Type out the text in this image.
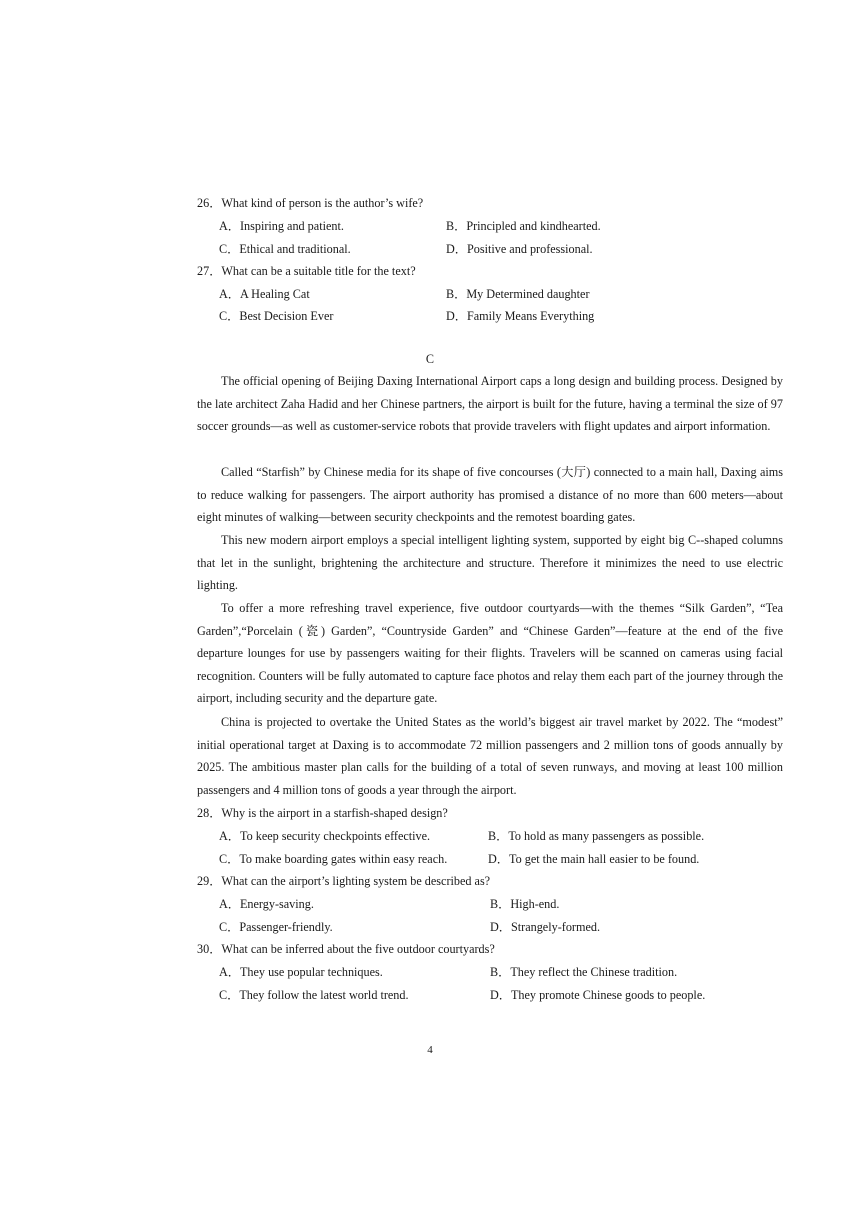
26．What kind of person is the author’s wife?
A．Inspiring and patient.	B．Principled and kindhearted.
C．Ethical and traditional.	D．Positive and professional.
27．What can be a suitable title for the text?
A．A Healing Cat	B．My Determined daughter
C．Best Decision Ever	D．Family Means Everything
C

The official opening of Beijing Daxing International Airport caps a long design and building process. Designed by the late architect Zaha Hadid and her Chinese partners, the airport is built for the future, having a terminal the size of 97 soccer grounds—as well as customer-service robots that provide travelers with flight updates and airport information.

Called “Starfish” by Chinese media for its shape of five concourses (大厅) connected to a main hall, Daxing aims to reduce walking for passengers. The airport authority has promised a distance of no more than 600 meters—about eight minutes of walking—between security checkpoints and the remotest boarding gates.

This new modern airport employs a special intelligent lighting system, supported by eight big C--shaped columns that let in the sunlight, brightening the architecture and structure. Therefore it minimizes the need to use electric lighting.

To offer a more refreshing travel experience, five outdoor courtyards—with the themes “Silk Garden”, “Tea Garden”,“Porcelain (瓷) Garden”, “Countryside Garden” and “Chinese Garden”—feature at the end of the five departure lounges for use by passengers waiting for their flights. Travelers will be scanned on cameras using facial recognition. Counters will be fully automated to capture face photos and relay them each part of the journey through the airport, including security and the departure gate.

China is projected to overtake the United States as the world’s biggest air travel market by 2022. The “modest” initial operational target at Daxing is to accommodate 72 million passengers and 2 million tons of goods annually by 2025. The ambitious master plan calls for the building of a total of seven runways, and moving at least 100 million passengers and 4 million tons of goods a year through the airport.

28．Why is the airport in a starfish-shaped design?
A．To keep security checkpoints effective.	B．To hold as many passengers as possible.
C．To make boarding gates within easy reach.	D．To get the main hall easier to be found.
29．What can the airport’s lighting system be described as?
A．Energy-saving.	B．High-end.
C．Passenger-friendly.	D．Strangely-formed.
30．What can be inferred about the five outdoor courtyards?
A．They use popular techniques.	B．They reflect the Chinese tradition.
C．They follow the latest world trend.	D．They promote Chinese goods to people.
4
